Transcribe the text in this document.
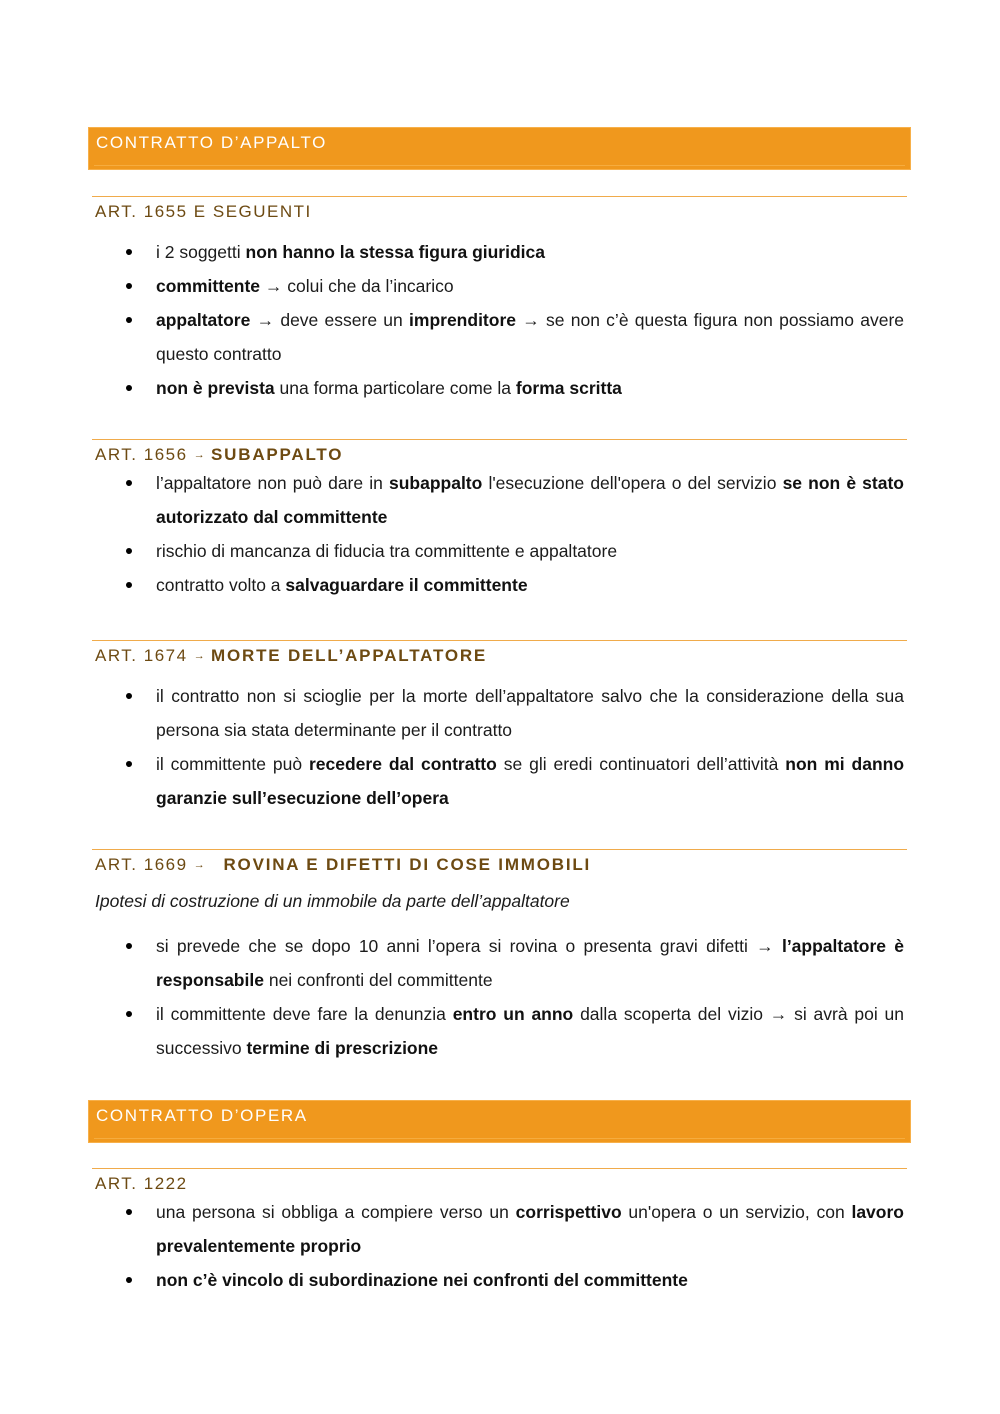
CONTRATTO D’APPALTO
ART. 1655 E SEGUENTI
i 2 soggetti non hanno la stessa figura giuridica
committente → colui che da l’incarico
appaltatore → deve essere un imprenditore → se non c’è questa figura non possiamo avere questo contratto
non è prevista una forma particolare come la forma scritta
ART. 1656 → SUBAPPALTO
l’appaltatore non può dare in subappalto l'esecuzione dell'opera o del servizio se non è stato autorizzato dal committente
rischio di mancanza di fiducia tra committente e appaltatore
contratto volto a salvaguardare il committente
ART. 1674 → MORTE DELL’APPALTATORE
il contratto non si scioglie per la morte dell’appaltatore salvo che la considerazione della sua persona sia stata determinante per il contratto
il committente può recedere dal contratto se gli eredi continuatori dell’attività non mi danno garanzie sull’esecuzione dell’opera
ART. 1669 → ROVINA E DIFETTI DI COSE IMMOBILI
Ipotesi di costruzione di un immobile da parte dell’appaltatore
si prevede che se dopo 10 anni l’opera si rovina o presenta gravi difetti → l’appaltatore è responsabile nei confronti del committente
il committente deve fare la denunzia entro un anno dalla scoperta del vizio → si avrà poi un successivo termine di prescrizione
CONTRATTO D’OPERA
ART. 1222
una persona si obbliga a compiere verso un corrispettivo un'opera o un servizio, con lavoro prevalentemente proprio
non c’è vincolo di subordinazione nei confronti del committente
